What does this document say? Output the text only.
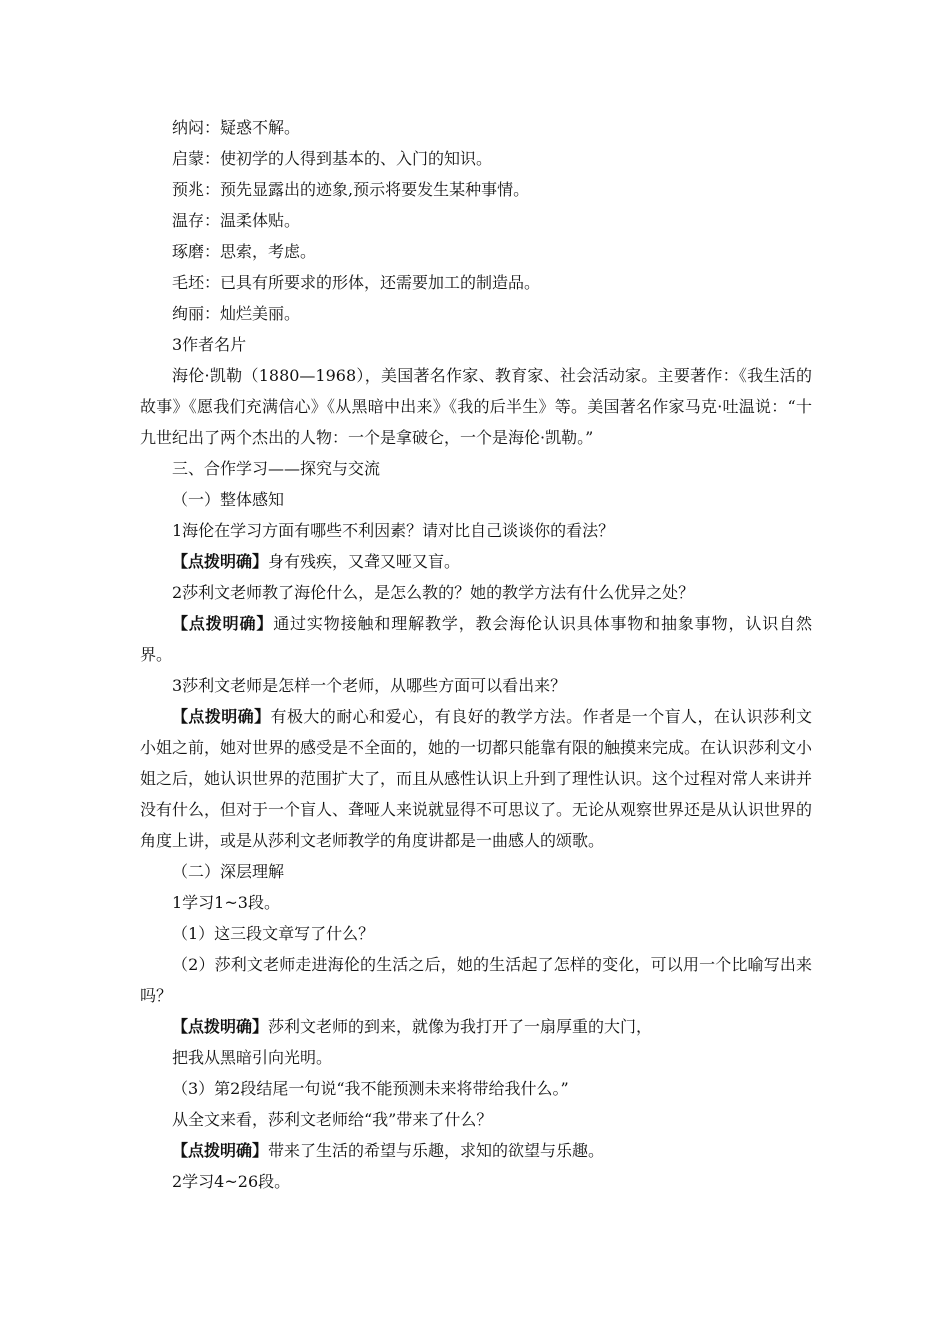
纳闷：疑惑不解。

启蒙：使初学的人得到基本的、入门的知识。

预兆：预先显露出的迹象,预示将要发生某种事情。

温存：温柔体贴。

琢磨：思索，考虑。

毛坯：已具有所要求的形体，还需要加工的制造品。

绚丽：灿烂美丽。

3作者名片

海伦·凯勒（1880—1968），美国著名作家、教育家、社会活动家。主要著作：《我生活的故事》《愿我们充满信心》《从黑暗中出来》《我的后半生》等。美国著名作家马克·吐温说：“十九世纪出了两个杰出的人物：一个是拿破仑，一个是海伦·凯勒。”

三、合作学习——探究与交流

（一）整体感知

1海伦在学习方面有哪些不利因素？请对比自己谈谈你的看法？

【点拨明确】身有残疾，又聋又哑又盲。

2莎利文老师教了海伦什么，是怎么教的？她的教学方法有什么优异之处？

【点拨明确】通过实物接触和理解教学，教会海伦认识具体事物和抽象事物，认识自然界。

3莎利文老师是怎样一个老师，从哪些方面可以看出来？

【点拨明确】有极大的耐心和爱心，有良好的教学方法。作者是一个盲人，在认识莎利文小姐之前，她对世界的感受是不全面的，她的一切都只能靠有限的触摸来完成。在认识莎利文小姐之后，她认识世界的范围扩大了，而且从感性认识上升到了理性认识。这个过程对常人来讲并没有什么，但对于一个盲人、聋哑人来说就显得不可思议了。无论从观察世界还是从认识世界的角度上讲，或是从莎利文老师教学的角度讲都是一曲感人的颂歌。

（二）深层理解

1学习1~3段。

（1）这三段文章写了什么？

（2）莎利文老师走进海伦的生活之后，她的生活起了怎样的变化，可以用一个比喻写出来吗？

【点拨明确】莎利文老师的到来，就像为我打开了一扇厚重的大门，

把我从黑暗引向光明。

（3）第2段结尾一句说“我不能预测未来将带给我什么。”

从全文来看，莎利文老师给“我”带来了什么？

【点拨明确】带来了生活的希望与乐趣，求知的欲望与乐趣。

2学习4~26段。
